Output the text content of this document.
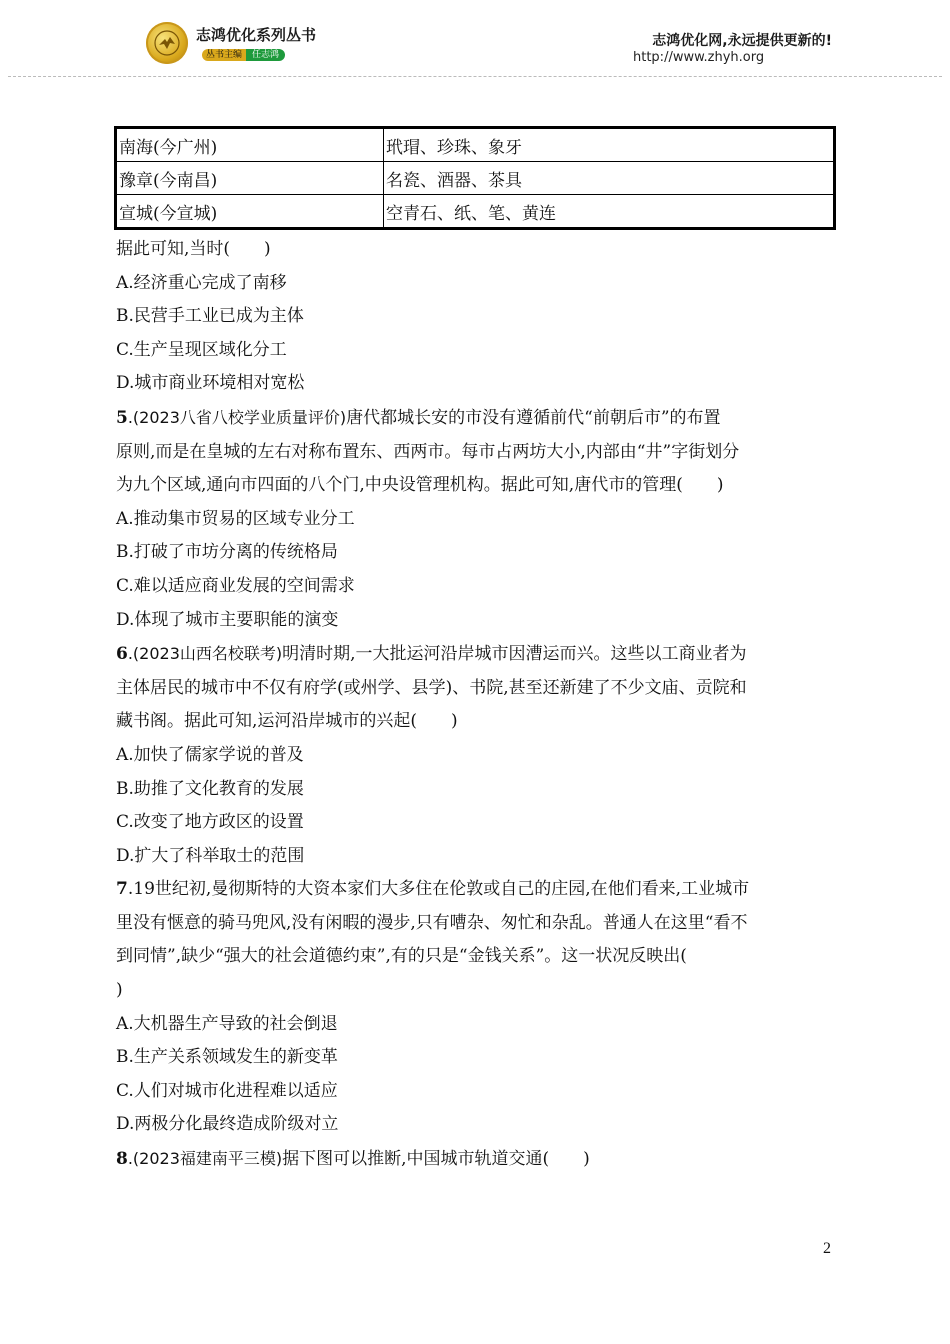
志鸿优化系列丛书
丛书主编 任志鸿
志鸿优化网,永远提供更新的!
http://www.zhyh.org
南海(今广州)	玳瑁、珍珠、象牙
豫章(今南昌)	名瓷、酒器、茶具
宣城(今宣城)	空青石、纸、笔、黄连

据此可知,当时(　　)

A.经济重心完成了南移

B.民营手工业已成为主体

C.生产呈现区域化分工

D.城市商业环境相对宽松

5.(2023八省八校学业质量评价)唐代都城长安的市没有遵循前代“前朝后市”的布置

原则,而是在皇城的左右对称布置东、西两市。每市占两坊大小,内部由“井”字街划分

为九个区域,通向市四面的八个门,中央设管理机构。据此可知,唐代市的管理(　　)

A.推动集市贸易的区域专业分工

B.打破了市坊分离的传统格局

C.难以适应商业发展的空间需求

D.体现了城市主要职能的演变

6.(2023山西名校联考)明清时期,一大批运河沿岸城市因漕运而兴。这些以工商业者为

主体居民的城市中不仅有府学(或州学、县学)、书院,甚至还新建了不少文庙、贡院和

藏书阁。据此可知,运河沿岸城市的兴起(　　)

A.加快了儒家学说的普及

B.助推了文化教育的发展

C.改变了地方政区的设置

D.扩大了科举取士的范围

7.19世纪初,曼彻斯特的大资本家们大多住在伦敦或自己的庄园,在他们看来,工业城市

里没有惬意的骑马兜风,没有闲暇的漫步,只有嘈杂、匆忙和杂乱。普通人在这里“看不

到同情”,缺少“强大的社会道德约束”,有的只是“金钱关系”。这一状况反映出(

)

A.大机器生产导致的社会倒退

B.生产关系领域发生的新变革

C.人们对城市化进程难以适应

D.两极分化最终造成阶级对立

8.(2023福建南平三模)据下图可以推断,中国城市轨道交通(　　)

2
